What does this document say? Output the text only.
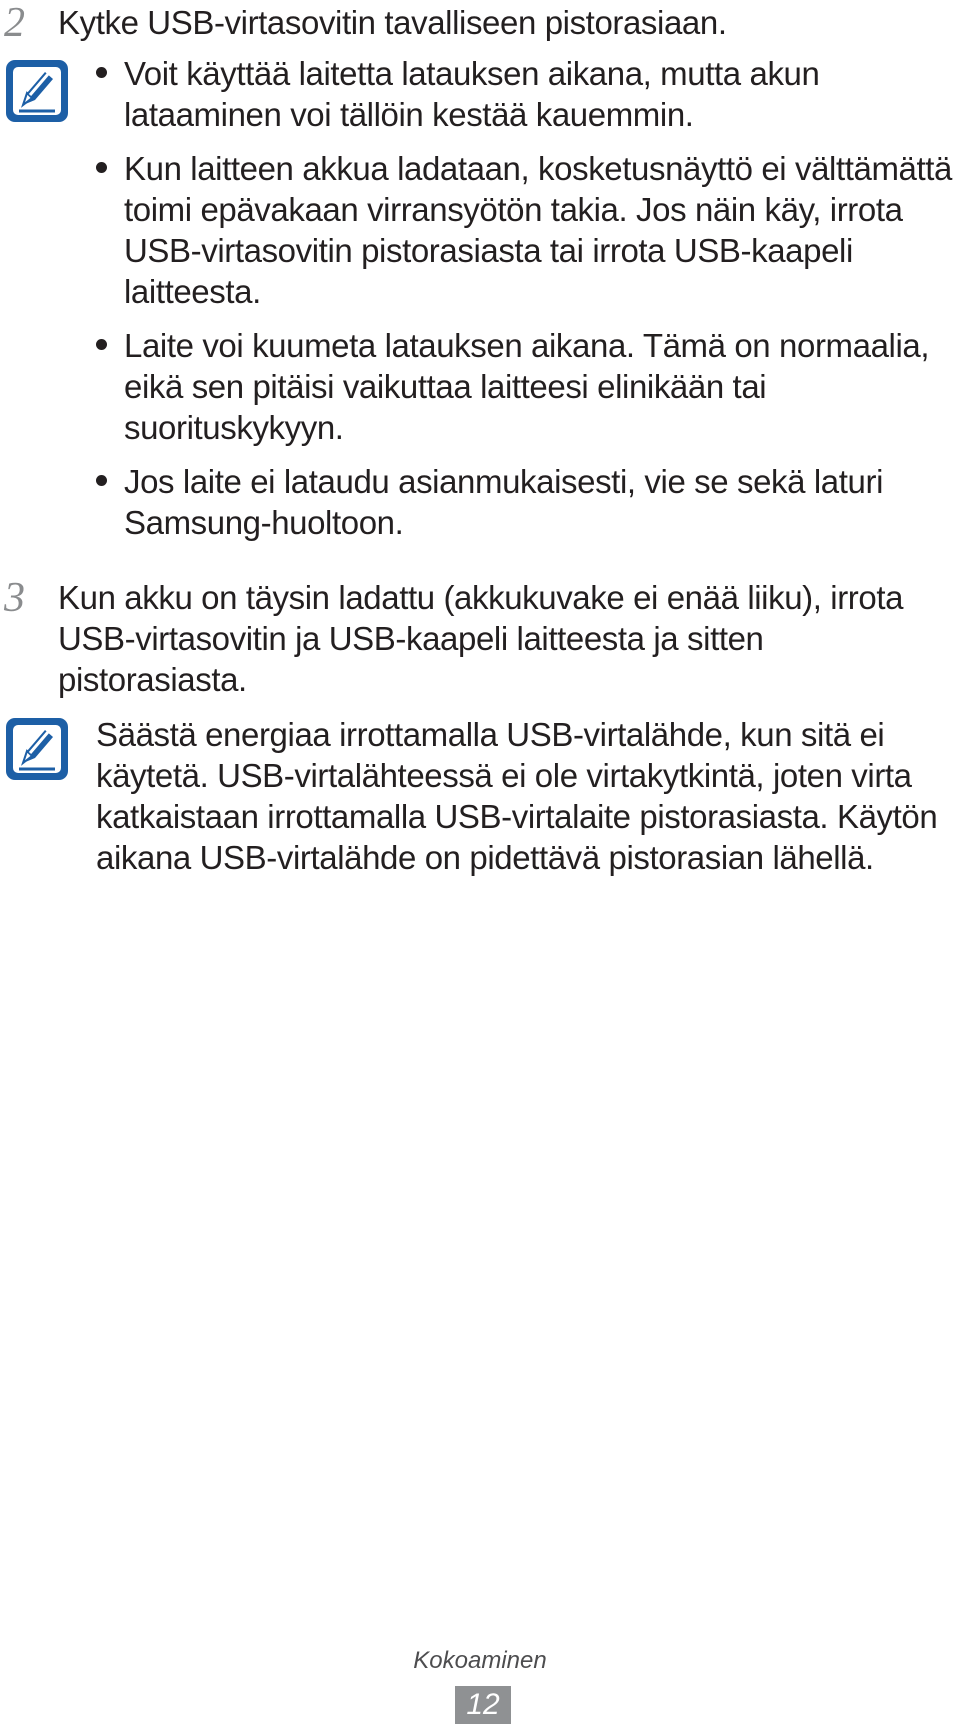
2 Kytke USB-virtasovitin tavalliseen pistorasiaan.
Voit käyttää laitetta latauksen aikana, mutta akun lataaminen voi tällöin kestää kauemmin.
Kun laitteen akkua ladataan, kosketusnäyttö ei välttämättä toimi epävakaan virransyötön takia. Jos näin käy, irrota USB-virtasovitin pistorasiasta tai irrota USB-kaapeli laitteesta.
Laite voi kuumeta latauksen aikana. Tämä on normaalia, eikä sen pitäisi vaikuttaa laitteesi elinikään tai suorituskykyyn.
Jos laite ei lataudu asianmukaisesti, vie se sekä laturi Samsung-huoltoon.
3 Kun akku on täysin ladattu (akkukuvake ei enää liiku), irrota USB-virtasovitin ja USB-kaapeli laitteesta ja sitten pistorasiasta.
Säästä energiaa irrottamalla USB-virtalähde, kun sitä ei käytetä. USB-virtalähteessä ei ole virtakytkintä, joten virta katkaistaan irrottamalla USB-virtalaite pistorasiasta. Käytön aikana USB-virtalähde on pidettävä pistorasian lähellä.
Kokoaminen
12
